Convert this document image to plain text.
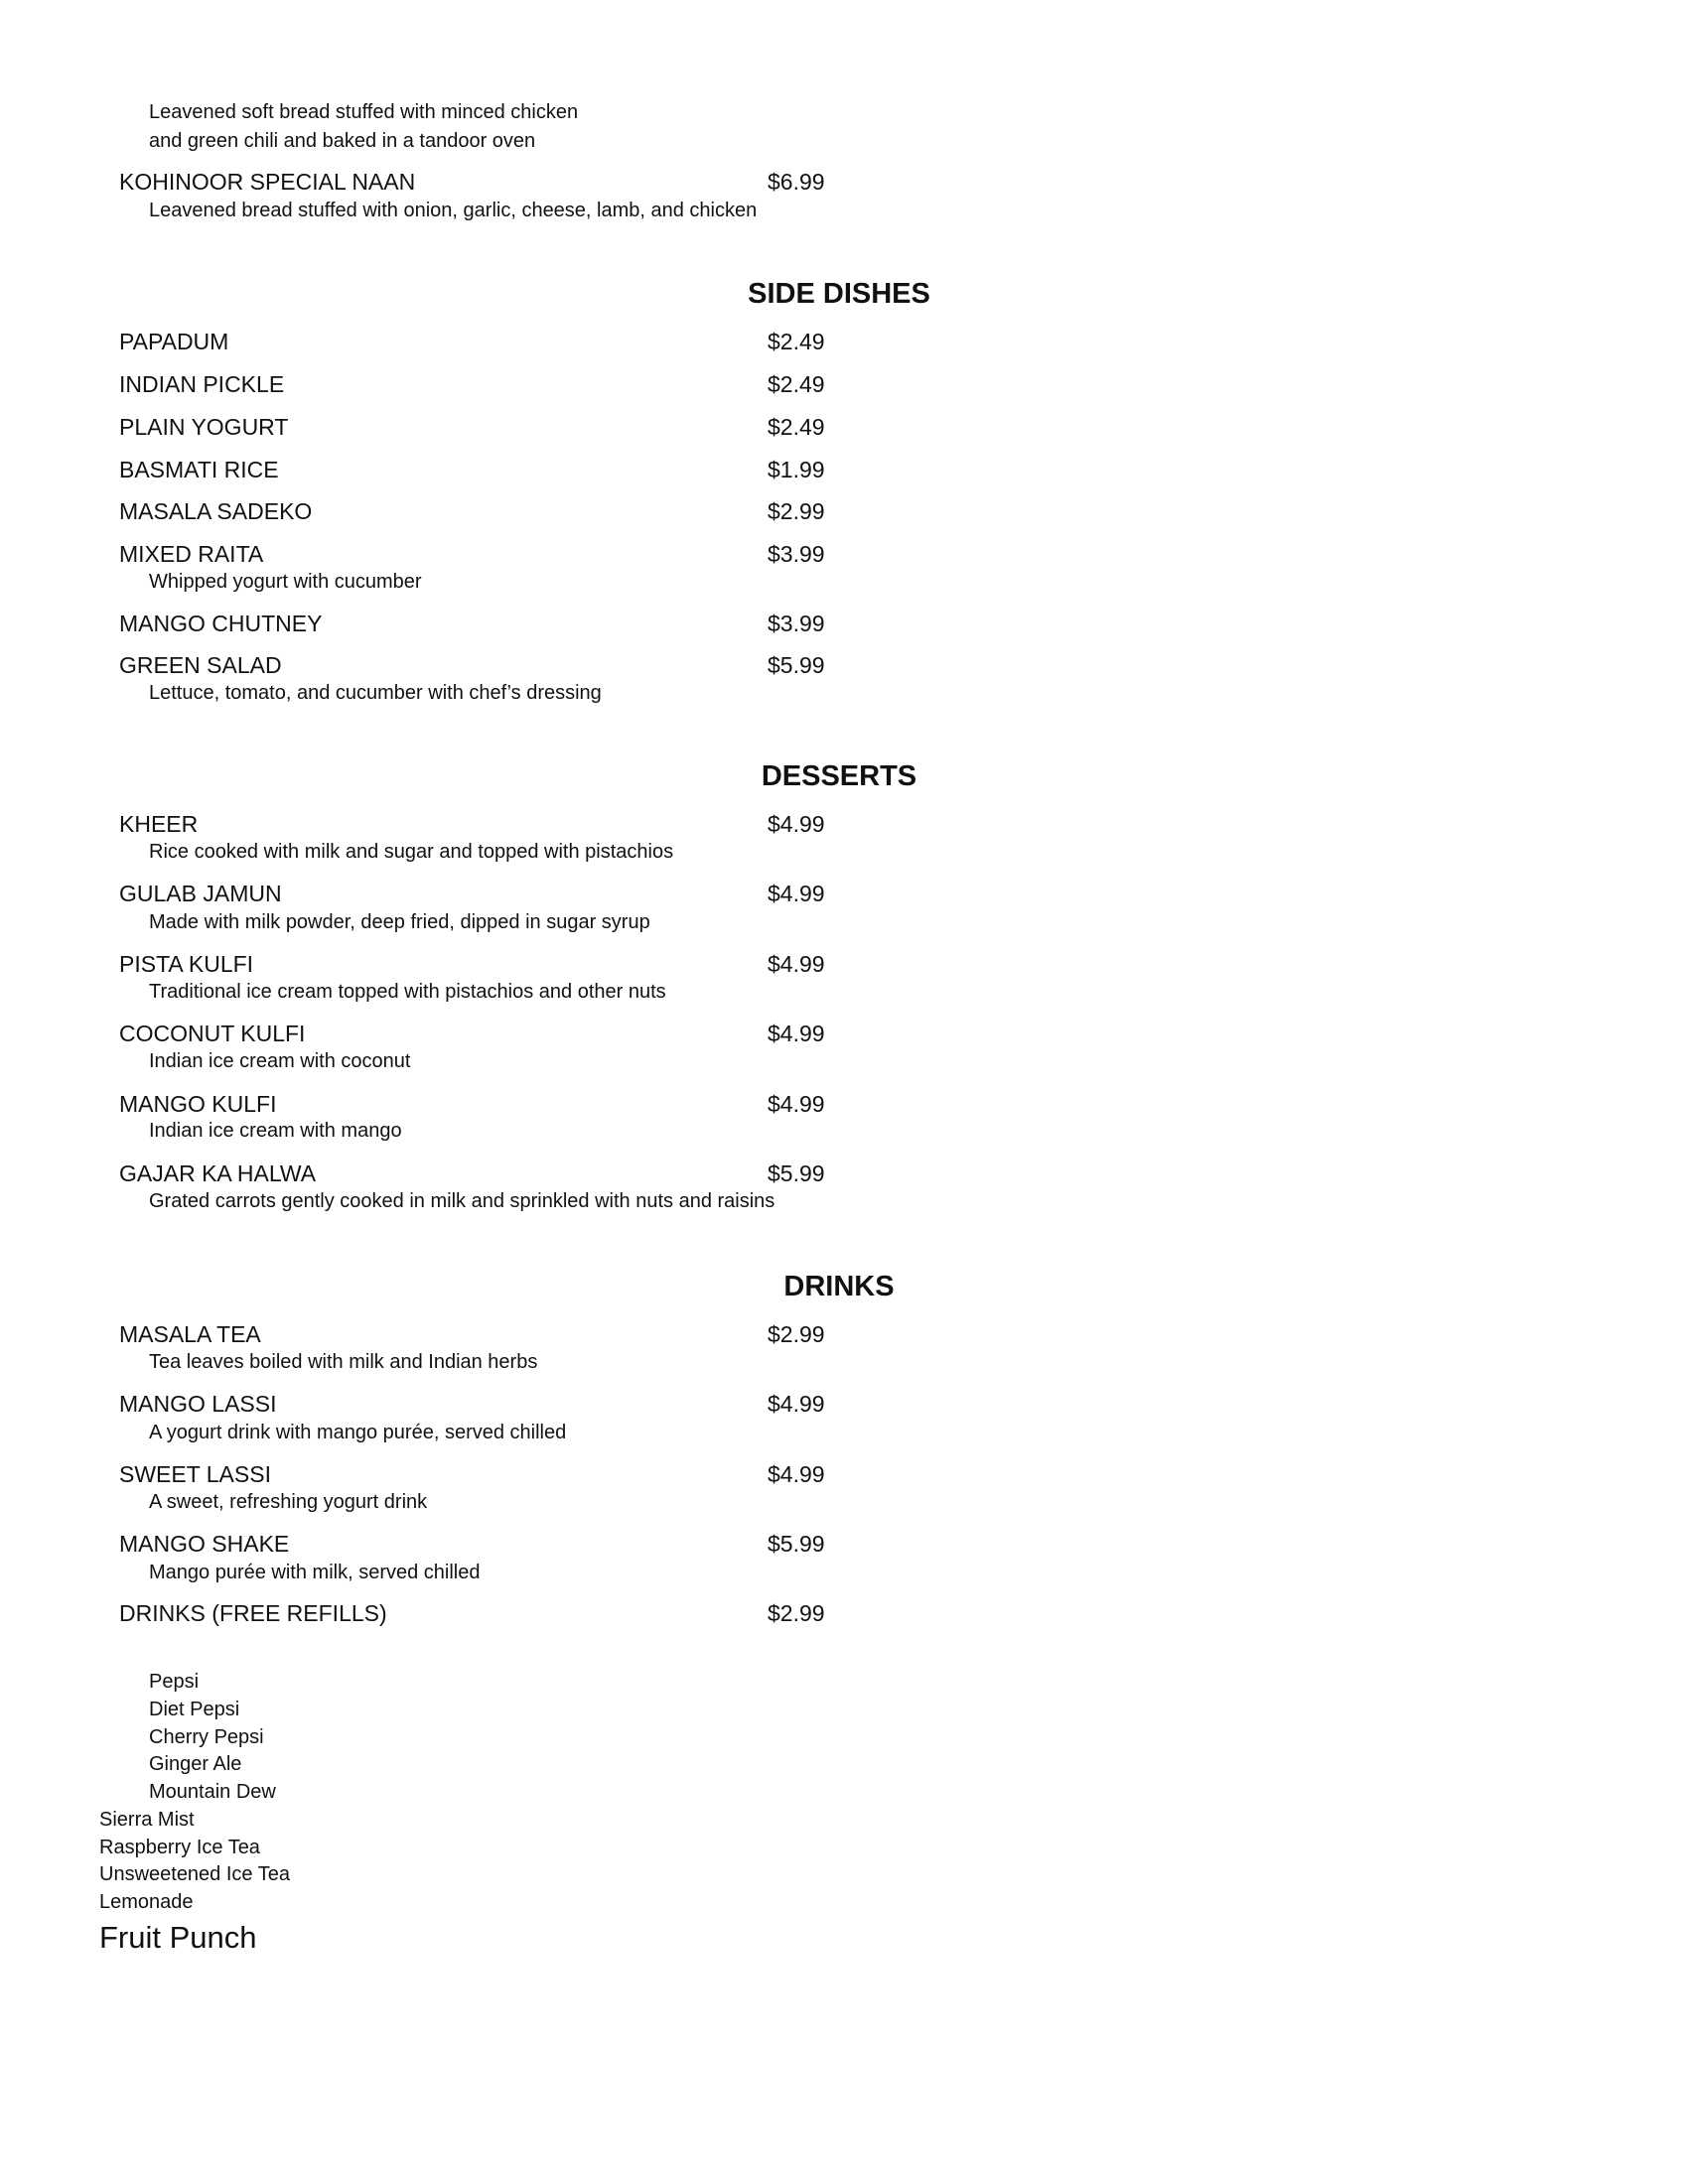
Leavened soft bread stuffed with minced chicken
and green chili and baked in a tandoor oven
KOHINOOR SPECIAL NAAN	$6.99
Leavened bread stuffed with onion, garlic, cheese, lamb, and chicken
SIDE DISHES
PAPADUM	$2.49
INDIAN PICKLE	$2.49
PLAIN YOGURT	$2.49
BASMATI RICE	$1.99
MASALA SADEKO	$2.99
MIXED RAITA	$3.99
Whipped yogurt with cucumber
MANGO CHUTNEY	$3.99
GREEN SALAD	$5.99
Lettuce, tomato, and cucumber with chef’s dressing
DESSERTS
KHEER	$4.99
Rice cooked with milk and sugar and topped with pistachios
GULAB JAMUN	$4.99
Made with milk powder, deep fried, dipped in sugar syrup
PISTA KULFI	$4.99
Traditional ice cream topped with pistachios and other nuts
COCONUT KULFI	$4.99
Indian ice cream with coconut
MANGO KULFI	$4.99
Indian ice cream with mango
GAJAR KA HALWA	$5.99
Grated carrots gently cooked in milk and sprinkled with nuts and raisins
DRINKS
MASALA TEA	$2.99
Tea leaves boiled with milk and Indian herbs
MANGO LASSI	$4.99
A yogurt drink with mango purée, served chilled
SWEET LASSI	$4.99
A sweet, refreshing yogurt drink
MANGO SHAKE	$5.99
Mango purée with milk, served chilled
DRINKS (FREE REFILLS)	$2.99
Pepsi
Diet Pepsi
Cherry Pepsi
Ginger Ale
Mountain Dew
Sierra Mist
Raspberry Ice Tea
Unsweetened Ice Tea
Lemonade
Fruit Punch
